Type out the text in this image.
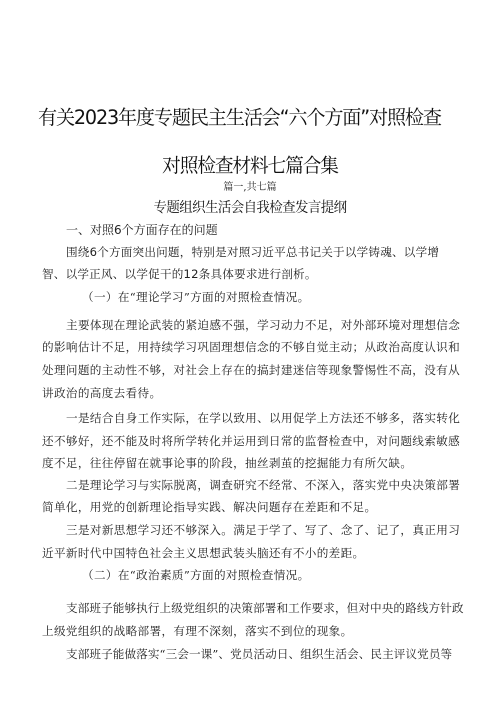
有关2023年度专题民主生活会“六个方面”对照检查
对照检查材料七篇合集
篇一,共七篇
专题组织生活会自我检查发言提纲
一、对照6个方面存在的问题
围绕6个方面突出问题，特别是对照习近平总书记关于以学铸魂、以学增
智、以学正风、以学促干的12条具体要求进行剖析。
（一）在“理论学习”方面的对照检查情况。
主要体现在理论武装的紧迫感不强，学习动力不足，对外部环境对理想信念
的影响估计不足，用持续学习巩固理想信念的不够自觉主动；从政治高度认识和
处理问题的主动性不够，对社会上存在的搞封建迷信等现象警惕性不高，没有从
讲政治的高度去看待。
一是结合自身工作实际，在学以致用、以用促学上方法还不够多，落实转化
还不够好，还不能及时将所学转化并运用到日常的监督检查中，对问题线索敏感
度不足，往往停留在就事论事的阶段，抽丝剥茧的挖掘能力有所欠缺。
二是理论学习与实际脱离，调查研究不经常、不深入，落实党中央决策部署
简单化，用党的创新理论指导实践、解决问题存在差距和不足。
三是对新思想学习还不够深入。满足于学了、写了、念了、记了，真正用习
近平新时代中国特色社会主义思想武装头脑还有不小的差距。
（二）在“政治素质”方面的对照检查情况。
支部班子能够执行上级党组织的决策部署和工作要求，但对中央的路线方针政
上级党组织的战略部署，有理不深刻，落实不到位的现象。
支部班子能做落实“三会一课”、党员活动日、组织生活会、民主评议党员等
